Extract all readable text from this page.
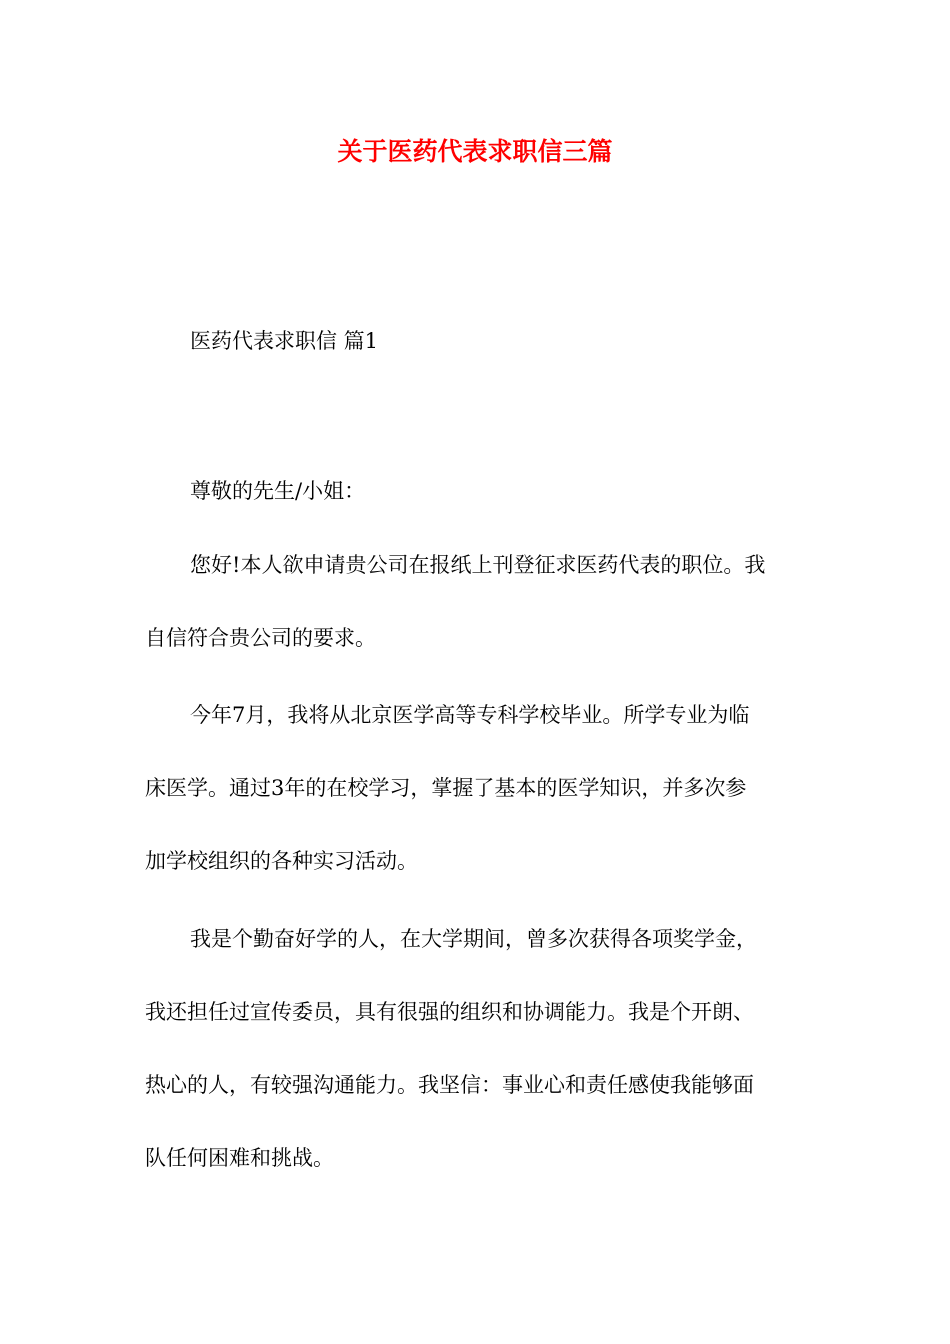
关于医药代表求职信三篇

医药代表求职信 篇1

尊敬的先生/小姐：

您好!本人欲申请贵公司在报纸上刊登征求医药代表的职位。我

自信符合贵公司的要求。

今年7月，我将从北京医学高等专科学校毕业。所学专业为临

床医学。通过3年的在校学习，掌握了基本的医学知识，并多次参

加学校组织的各种实习活动。

我是个勤奋好学的人，在大学期间，曾多次获得各项奖学金，

我还担任过宣传委员，具有很强的组织和协调能力。我是个开朗、

热心的人，有较强沟通能力。我坚信：事业心和责任感使我能够面

队任何困难和挑战。
